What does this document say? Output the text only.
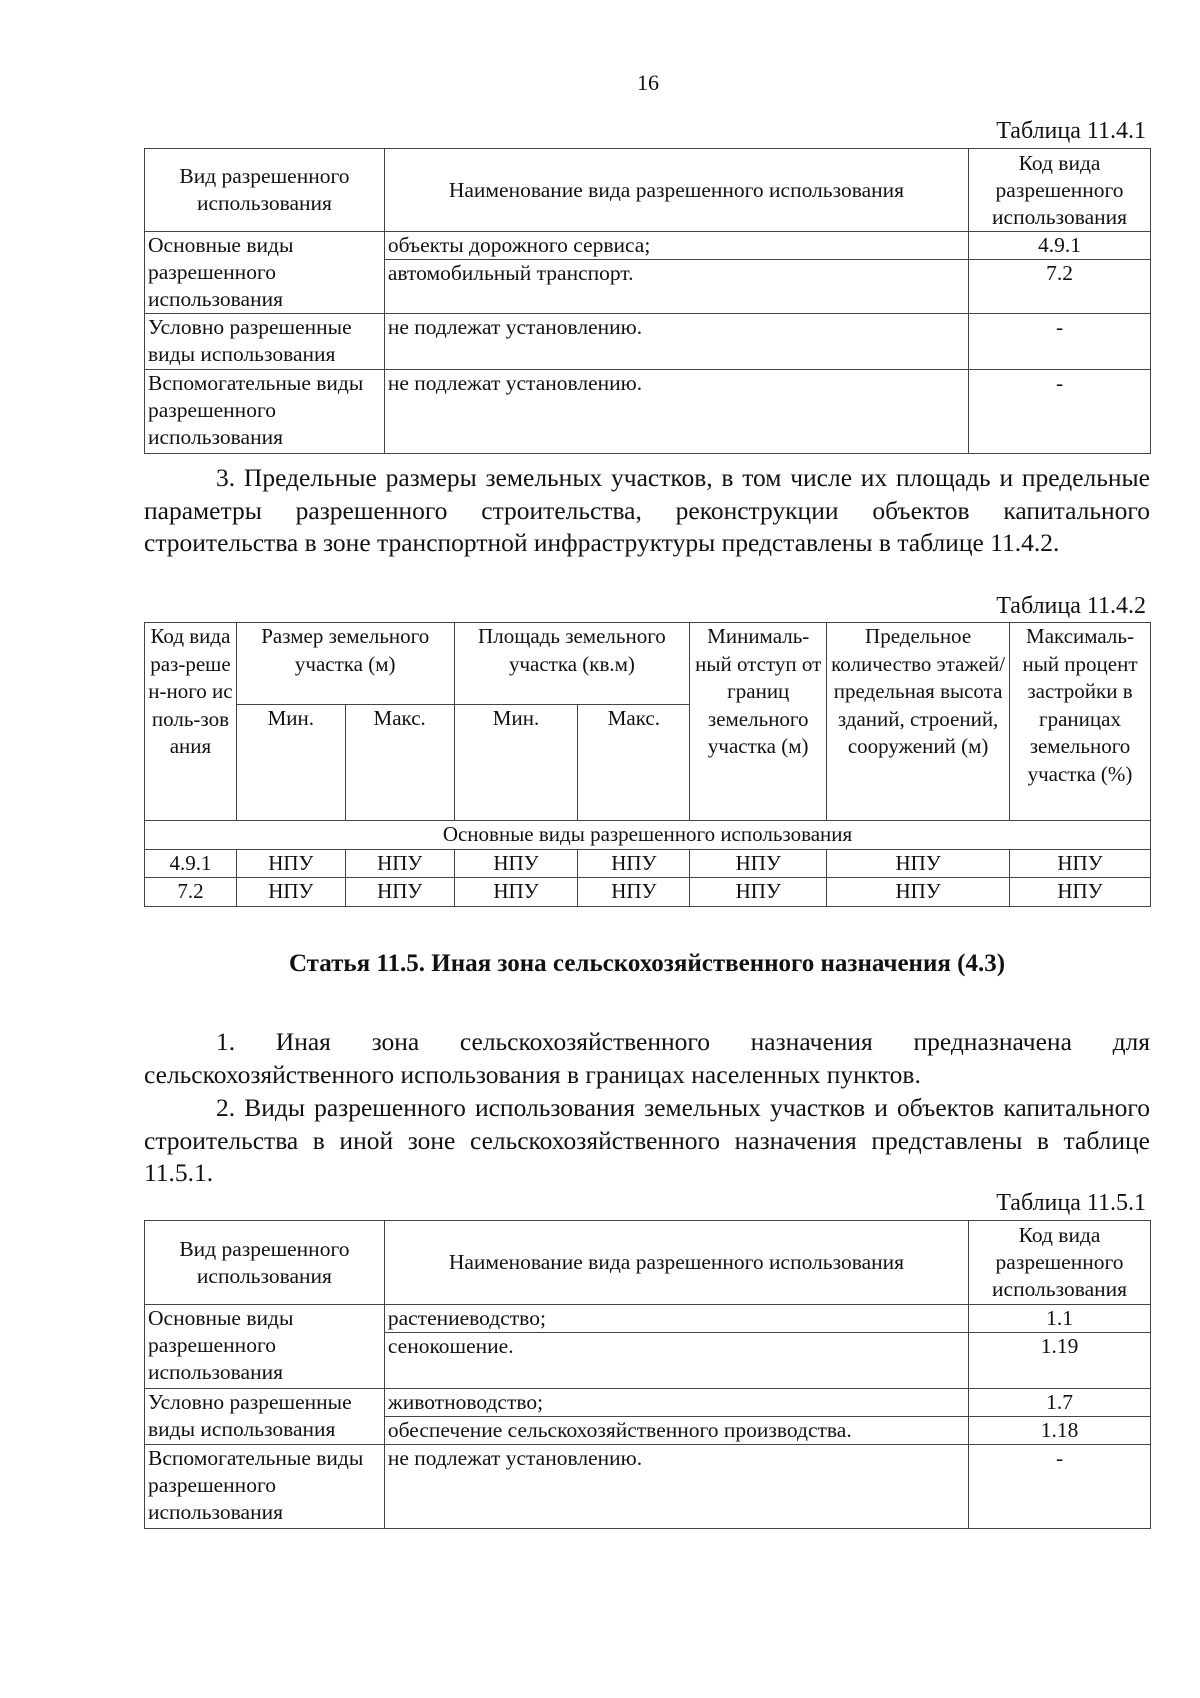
16
Таблица 11.4.1
Вид разрешенного использования	Наименование вида разрешенного использования	Код вида разрешенного использования
Основные виды разрешенного использования	объекты дорожного сервиса;	4.9.1
	автомобильный транспорт.	7.2
Условно разрешенные виды использования	не подлежат установлению.	-
Вспомогательные виды разрешенного использования	не подлежат установлению.	-
3. Предельные размеры земельных участков, в том числе их площадь и предельные параметры разрешенного строительства, реконструкции объектов капитального строительства в зоне транспортной инфраструктуры представлены в таблице 11.4.2.
Таблица 11.4.2
Код вида раз-решен-ного исполь-зования	Размер земельного участка (м)		Площадь земельного участка (кв.м)		Минималь-ный отступ от границ земельного участка (м)	Предельное количество этажей/ предельная высота зданий, строений, сооружений (м)	Максималь-ный процент застройки в границах земельного участка (%)
	Мин.	Макс.	Мин.	Макс.			
Основные виды разрешенного использования							
4.9.1	НПУ	НПУ	НПУ	НПУ	НПУ	НПУ	НПУ
7.2	НПУ	НПУ	НПУ	НПУ	НПУ	НПУ	НПУ
Статья 11.5. Иная зона сельскохозяйственного назначения (4.3)
1. Иная зона сельскохозяйственного назначения предназначена для сельскохозяйственного использования в границах населенных пунктов.
2. Виды разрешенного использования земельных участков и объектов капитального строительства в иной зоне сельскохозяйственного назначения представлены в таблице 11.5.1.
Таблица 11.5.1
Вид разрешенного использования	Наименование вида разрешенного использования	Код вида разрешенного использования
Основные виды разрешенного использования	растениеводство;	1.1
	сенокошение.	1.19
Условно разрешенные виды использования	животноводство;	1.7
	обеспечение сельскохозяйственного производства.	1.18
Вспомогательные виды разрешенного использования	не подлежат установлению.	-
